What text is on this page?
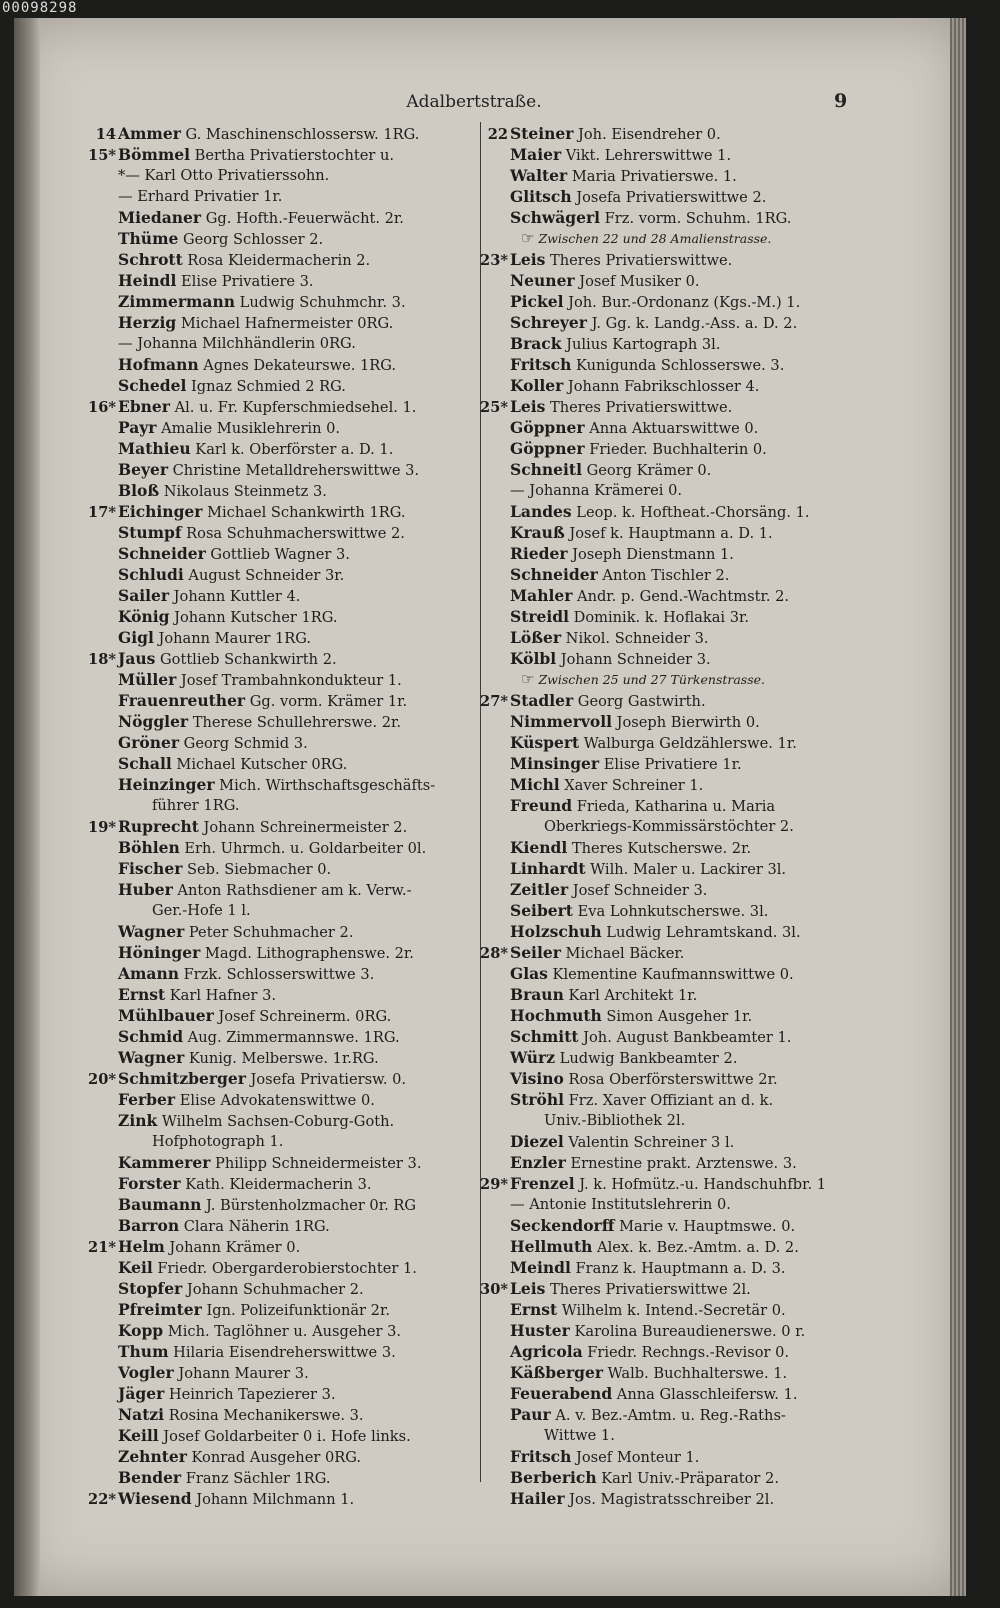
Adalbertstraße.	9
14 Ammer G. Maschinenschlossersw. 1RG.
15* Bömmel Bertha Privatierstochter u.
*— Karl Otto Privatierssohn.
— Erhard Privatier 1r.
Miedaner Gg. Hofth.-Feuerwächt. 2r.
Thüme Georg Schlosser 2.
Schrott Rosa Kleidermacherin 2.
Heindl Elise Privatiere 3.
Zimmermann Ludwig Schuhmchr. 3.
Herzig Michael Hafnermeister 0RG.
— Johanna Milchhändlerin 0RG.
Hofmann Agnes Dekateurswe. 1RG.
Schedel Ignaz Schmied 2 RG.
16* Ebner Al. u. Fr. Kupferschmiedsehel. 1.
Payr Amalie Musiklehrerin 0.
Mathieu Karl k. Oberförster a. D. 1.
Beyer Christine Metalldreherswittwe 3.
Bloß Nikolaus Steinmetz 3.
17* Eichinger Michael Schankwirth 1RG.
Stumpf Rosa Schuhmacherswittwe 2.
Schneider Gottlieb Wagner 3.
Schludi August Schneider 3r.
Sailer Johann Kuttler 4.
König Johann Kutscher 1RG.
Gigl Johann Maurer 1RG.
18* Jaus Gottlieb Schankwirth 2.
Müller Josef Trambahnkondukteur 1.
Frauenreuther Gg. vorm. Krämer 1r.
Nöggler Therese Schullehrerswe. 2r.
Gröner Georg Schmid 3.
Schall Michael Kutscher 0RG.
Heinzinger Mich. Wirthschaftsgeschäfts-
führer 1RG.
19* Ruprecht Johann Schreinermeister 2.
Böhlen Erh. Uhrmch. u. Goldarbeiter 0l.
Fischer Seb. Siebmacher 0.
Huber Anton Rathsdiener am k. Verw.-
Ger.-Hofe 1 l.
Wagner Peter Schuhmacher 2.
Höninger Magd. Lithographenswe. 2r.
Amann Frzk. Schlosserswittwe 3.
Ernst Karl Hafner 3.
Mühlbauer Josef Schreinerm. 0RG.
Schmid Aug. Zimmermannswe. 1RG.
Wagner Kunig. Melberswe. 1r.RG.
20* Schmitzberger Josefa Privatiersw. 0.
Ferber Elise Advokatenswittwe 0.
Zink Wilhelm Sachsen-Coburg-Goth.
Hofphotograph 1.
Kammerer Philipp Schneidermeister 3.
Forster Kath. Kleidermacherin 3.
Baumann J. Bürstenholzmacher 0r. RG
Barron Clara Näherin 1RG.
21* Helm Johann Krämer 0.
Keil Friedr. Obergarderobierstochter 1.
Stopfer Johann Schuhmacher 2.
Pfreimter Ign. Polizeifunktionär 2r.
Kopp Mich. Taglöhner u. Ausgeher 3.
Thum Hilaria Eisendreherswittwe 3.
Vogler Johann Maurer 3.
Jäger Heinrich Tapezierer 3.
Natzi Rosina Mechanikerswe. 3.
Keill Josef Goldarbeiter 0 i. Hofe links.
Zehnter Konrad Ausgeher 0RG.
Bender Franz Sächler 1RG.
22* Wiesend Johann Milchmann 1.
22 Steiner Joh. Eisendreher 0.
Maier Vikt. Lehrerswittwe 1.
Walter Maria Privatierswe. 1.
Glitsch Josefa Privatierswittwe 2.
Schwägerl Frz. vorm. Schuhm. 1RG.
☞ Zwischen 22 und 28 Amalienstrasse.
23* Leis Theres Privatierswittwe.
Neuner Josef Musiker 0.
Pickel Joh. Bur.-Ordonanz (Kgs.-M.) 1.
Schreyer J. Gg. k. Landg.-Ass. a. D. 2.
Brack Julius Kartograph 3l.
Fritsch Kunigunda Schlosserswe. 3.
Koller Johann Fabrikschlosser 4.
25* Leis Theres Privatierswittwe.
Göppner Anna Aktuarswittwe 0.
Göppner Frieder. Buchhalterin 0.
Schneitl Georg Krämer 0.
— Johanna Krämerei 0.
Landes Leop. k. Hoftheat.-Chorsäng. 1.
Krauß Josef k. Hauptmann a. D. 1.
Rieder Joseph Dienstmann 1.
Schneider Anton Tischler 2.
Mahler Andr. p. Gend.-Wachtmstr. 2.
Streidl Dominik. k. Hoflakai 3r.
Lößer Nikol. Schneider 3.
Kölbl Johann Schneider 3.
☞ Zwischen 25 und 27 Türkenstrasse.
27* Stadler Georg Gastwirth.
Nimmervoll Joseph Bierwirth 0.
Küspert Walburga Geldzählerswe. 1r.
Minsinger Elise Privatiere 1r.
Michl Xaver Schreiner 1.
Freund Frieda, Katharina u. Maria
Oberkriegs-Kommissärstöchter 2.
Kiendl Theres Kutscherswe. 2r.
Linhardt Wilh. Maler u. Lackirer 3l.
Zeitler Josef Schneider 3.
Seibert Eva Lohnkutscherswe. 3l.
Holzschuh Ludwig Lehramtskand. 3l.
28* Seiler Michael Bäcker.
Glas Klementine Kaufmannswittwe 0.
Braun Karl Architekt 1r.
Hochmuth Simon Ausgeher 1r.
Schmitt Joh. August Bankbeamter 1.
Würz Ludwig Bankbeamter 2.
Visino Rosa Oberförsterswittwe 2r.
Ströhl Frz. Xaver Offiziant an d. k.
Univ.-Bibliothek 2l.
Diezel Valentin Schreiner 3 l.
Enzler Ernestine prakt. Arztenswe. 3.
29* Frenzel J. k. Hofmütz.-u. Handschuhfbr. 1
— Antonie Institutslehrerin 0.
Seckendorff Marie v. Hauptmswe. 0.
Hellmuth Alex. k. Bez.-Amtm. a. D. 2.
Meindl Franz k. Hauptmann a. D. 3.
30* Leis Theres Privatierswittwe 2l.
Ernst Wilhelm k. Intend.-Secretär 0.
Huster Karolina Bureaudienerswe. 0 r.
Agricola Friedr. Rechngs.-Revisor 0.
Käßberger Walb. Buchhalterswe. 1.
Feuerabend Anna Glasschleifersw. 1.
Paur A. v. Bez.-Amtm. u. Reg.-Raths-
Wittwe 1.
Fritsch Josef Monteur 1.
Berberich Karl Univ.-Präparator 2.
Hailer Jos. Magistratsschreiber 2l.
00098298
